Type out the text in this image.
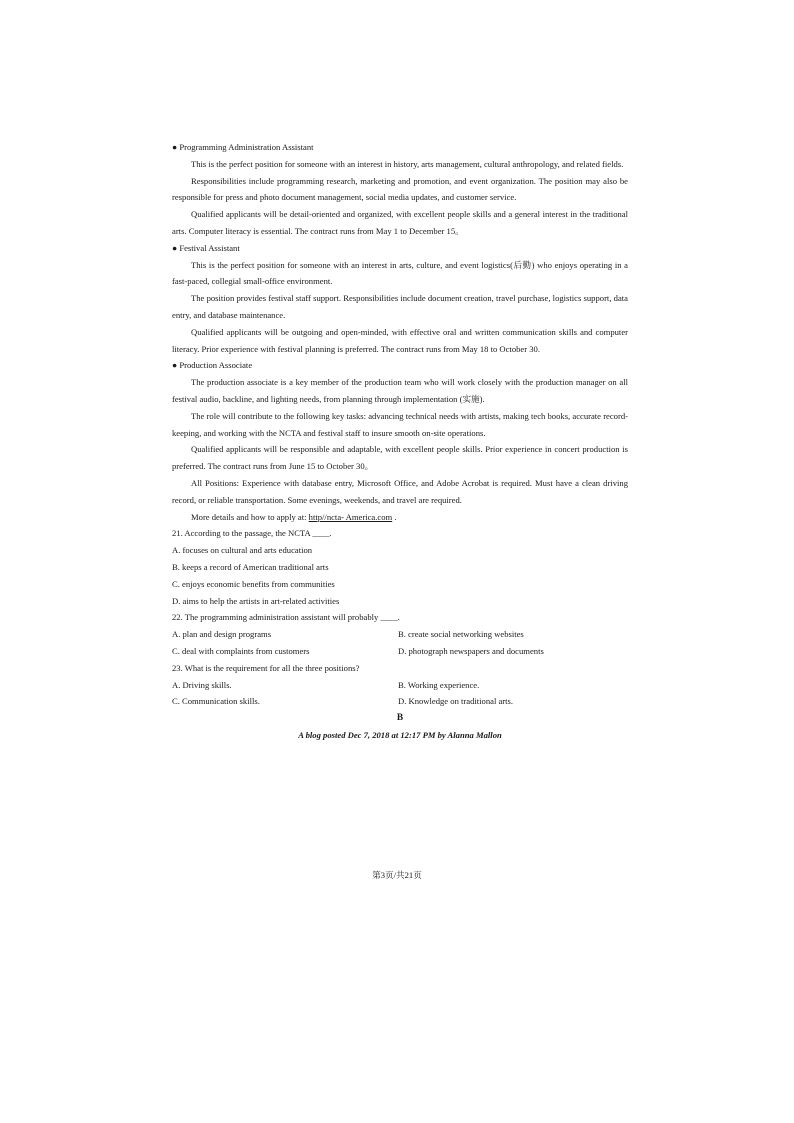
● Programming Administration Assistant

This is the perfect position for someone with an interest in history, arts management, cultural anthropology, and related fields.

Responsibilities include programming research, marketing and promotion, and event organization. The position may also be responsible for press and photo document management, social media updates, and customer service.

Qualified applicants will be detail-oriented and organized, with excellent people skills and a general interest in the traditional arts. Computer literacy is essential. The contract runs from May 1 to December 15。

● Festival Assistant

This is the perfect position for someone with an interest in arts, culture, and event logistics(后勤) who enjoys operating in a fast-paced, collegial small-office environment.

The position provides festival staff support. Responsibilities include document creation, travel purchase, logistics support, data entry, and database maintenance.

Qualified applicants will be outgoing and open-minded, with effective oral and written communication skills and computer literacy. Prior experience with festival planning is preferred. The contract runs from May 18 to October 30.

● Production Associate

The production associate is a key member of the production team who will work closely with the production manager on all festival audio, backline, and lighting needs, from planning through implementation (实施).

The role will contribute to the following key tasks: advancing technical needs with artists, making tech books, accurate record-keeping, and working with the NCTA and festival staff to insure smooth on-site operations.

Qualified applicants will be responsible and adaptable, with excellent people skills. Prior experience in concert production is preferred. The contract runs from June 15 to October 30。

All Positions: Experience with database entry, Microsoft Office, and Adobe Acrobat is required. Must have a clean driving record, or reliable transportation. Some evenings, weekends, and travel are required.

More details and how to apply at: http//ncta- America.com .

21. According to the passage, the NCTA ____.

A. focuses on cultural and arts education

B. keeps a record of American traditional arts

C. enjoys economic benefits from communities

D. aims to help the artists in art-related activities

22. The programming administration assistant will probably ____.

A. plan and design programs	B. create social networking websites
C. deal with complaints from customers	D. photograph newspapers and documents

23. What is the requirement for all the three positions?

A. Driving skills.	B. Working experience.
C. Communication skills.	D. Knowledge on traditional arts.

B

A blog posted Dec 7, 2018 at 12:17 PM by Alanna Mallon

第3页/共21页
